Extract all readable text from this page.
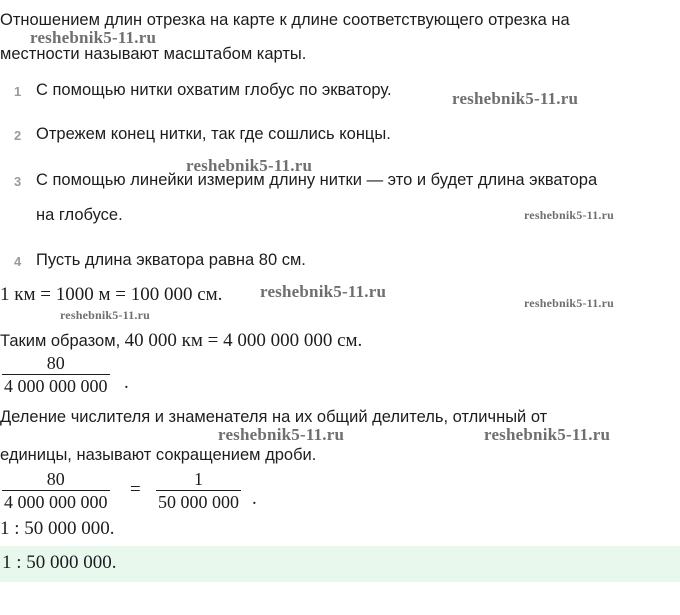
Отношением длин отрезка на карте к длине соответствующего отрезка на
местности называют масштабом карты.
1 С помощью нитки охватим глобус по экватору.
2 Отрежем конец нитки, так где сошлись концы.
3 С помощью линейки измерим длину нитки — это и будет длина экватора
на глобусе.
4 Пусть длина экватора равна 80 см.
1 км = 1000 м = 100 000 см.
Таким образом, 40 000 км = 4 000 000 000 см.
$\frac{80}{4 000 000 000}$ .
Деление числителя и знаменателя на их общий делитель, отличный от
единицы, называют сокращением дроби.
$\frac{80}{4 000 000 000} = \frac{1}{50 000 000}$ .
1 : 50 000 000.
1 : 50 000 000.
reshebnik5-11.ru
reshebnik5-11.ru
reshebnik5-11.ru
reshebnik5-11.ru
reshebnik5-11.ru
reshebnik5-11.ru
reshebnik5-11.ru
reshebnik5-11.ru	reshebnik5-11.ru
